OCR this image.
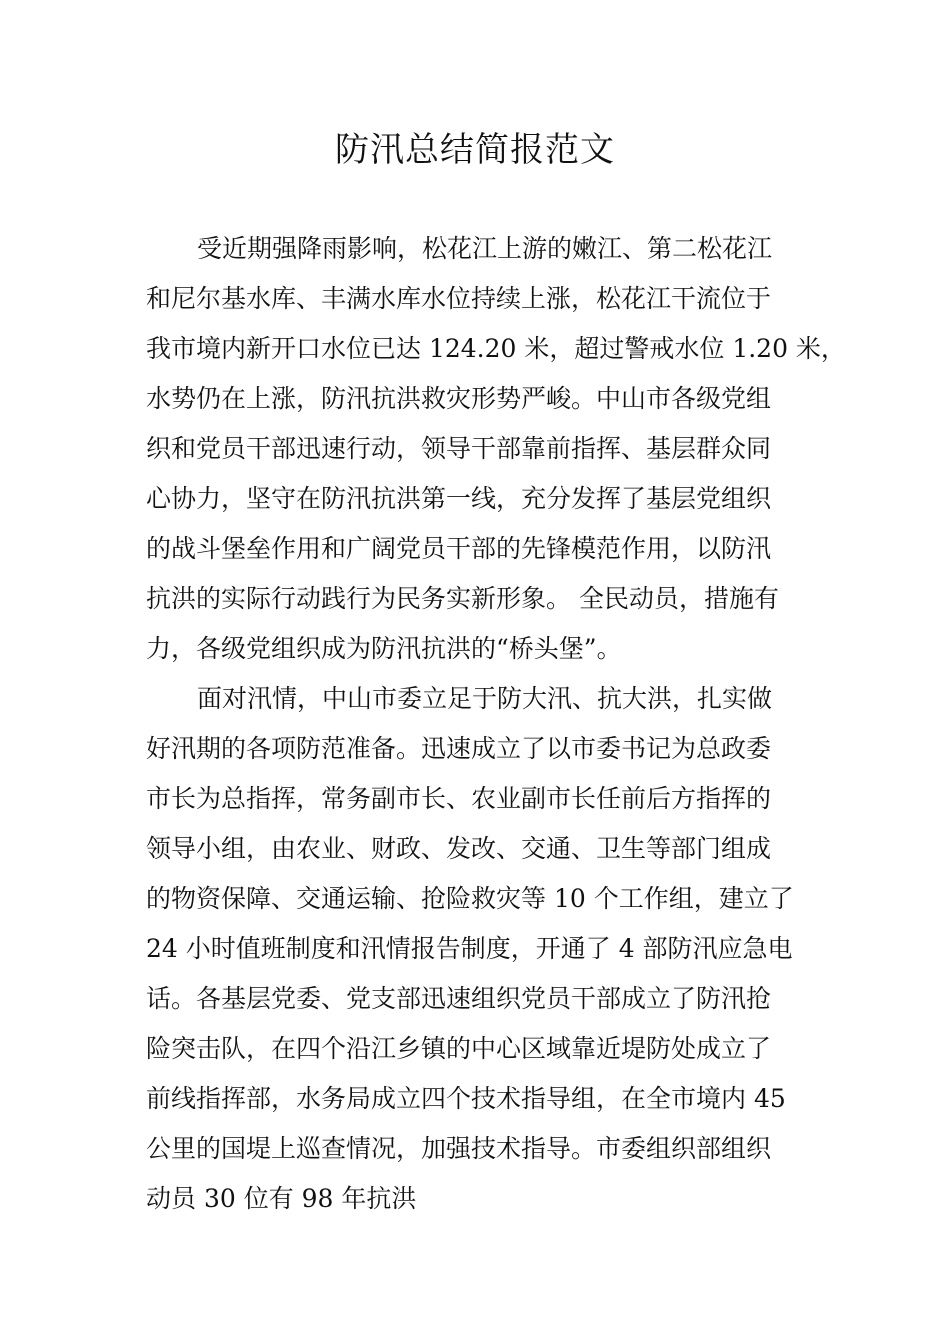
防汛总结简报范文
受近期强降雨影响，松花江上游的嫩江、第二松花江
和尼尔基水库、丰满水库水位持续上涨，松花江干流位于
我市境内新开口水位已达 124.20 米，超过警戒水位 1.20 米，
水势仍在上涨，防汛抗洪救灾形势严峻。中山市各级党组
织和党员干部迅速行动，领导干部靠前指挥、基层群众同
心协力，坚守在防汛抗洪第一线，充分发挥了基层党组织
的战斗堡垒作用和广阔党员干部的先锋模范作用，以防汛
抗洪的实际行动践行为民务实新形象。 全民动员，措施有
力，各级党组织成为防汛抗洪的“桥头堡”。
面对汛情，中山市委立足于防大汛、抗大洪，扎实做
好汛期的各项防范准备。迅速成立了以市委书记为总政委
市长为总指挥，常务副市长、农业副市长任前后方指挥的
领导小组，由农业、财政、发改、交通、卫生等部门组成
的物资保障、交通运输、抢险救灾等 10 个工作组，建立了
24 小时值班制度和汛情报告制度，开通了 4 部防汛应急电
话。各基层党委、党支部迅速组织党员干部成立了防汛抢
险突击队，在四个沿江乡镇的中心区域靠近堤防处成立了
前线指挥部，水务局成立四个技术指导组，在全市境内 45
公里的国堤上巡查情况，加强技术指导。市委组织部组织
动员 30 位有 98 年抗洪
